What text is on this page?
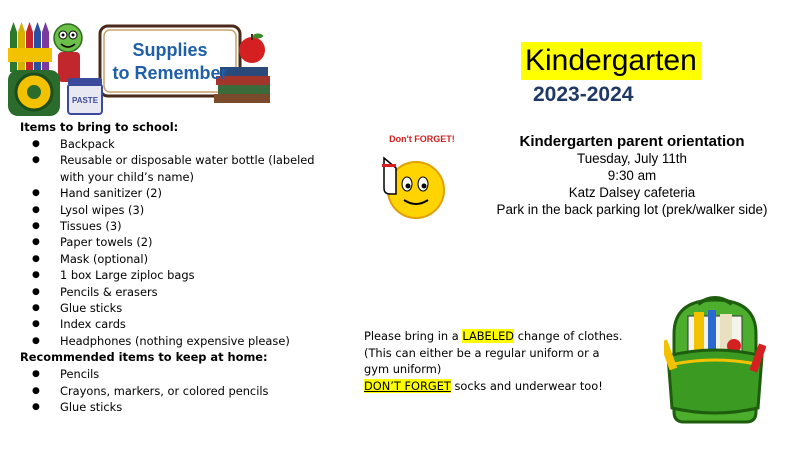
PASTE
Supplies
to Remember
Items to bring to school:
● Backpack
● Reusable or disposable water bottle (labeled with your child’s name)
● Hand sanitizer (2)
● Lysol wipes (3)
● Tissues (3)
● Paper towels (2)
● Mask (optional)
● 1 box Large ziploc bags
● Pencils & erasers
● Glue sticks
● Index cards
● Headphones (nothing expensive please)
Recommended items to keep at home:
● Pencils
● Crayons, markers, or colored pencils
● Glue sticks
Kindergarten
2023-2024
Don't FORGET!	Kindergarten parent orientation
Tuesday, July 11th
9:30 am
Katz Dalsey cafeteria
Park in the back parking lot (prek/walker side)
Please bring in a LABELED change of clothes. (This can either be a regular uniform or a gym uniform)
DON’T FORGET socks and underwear too!
